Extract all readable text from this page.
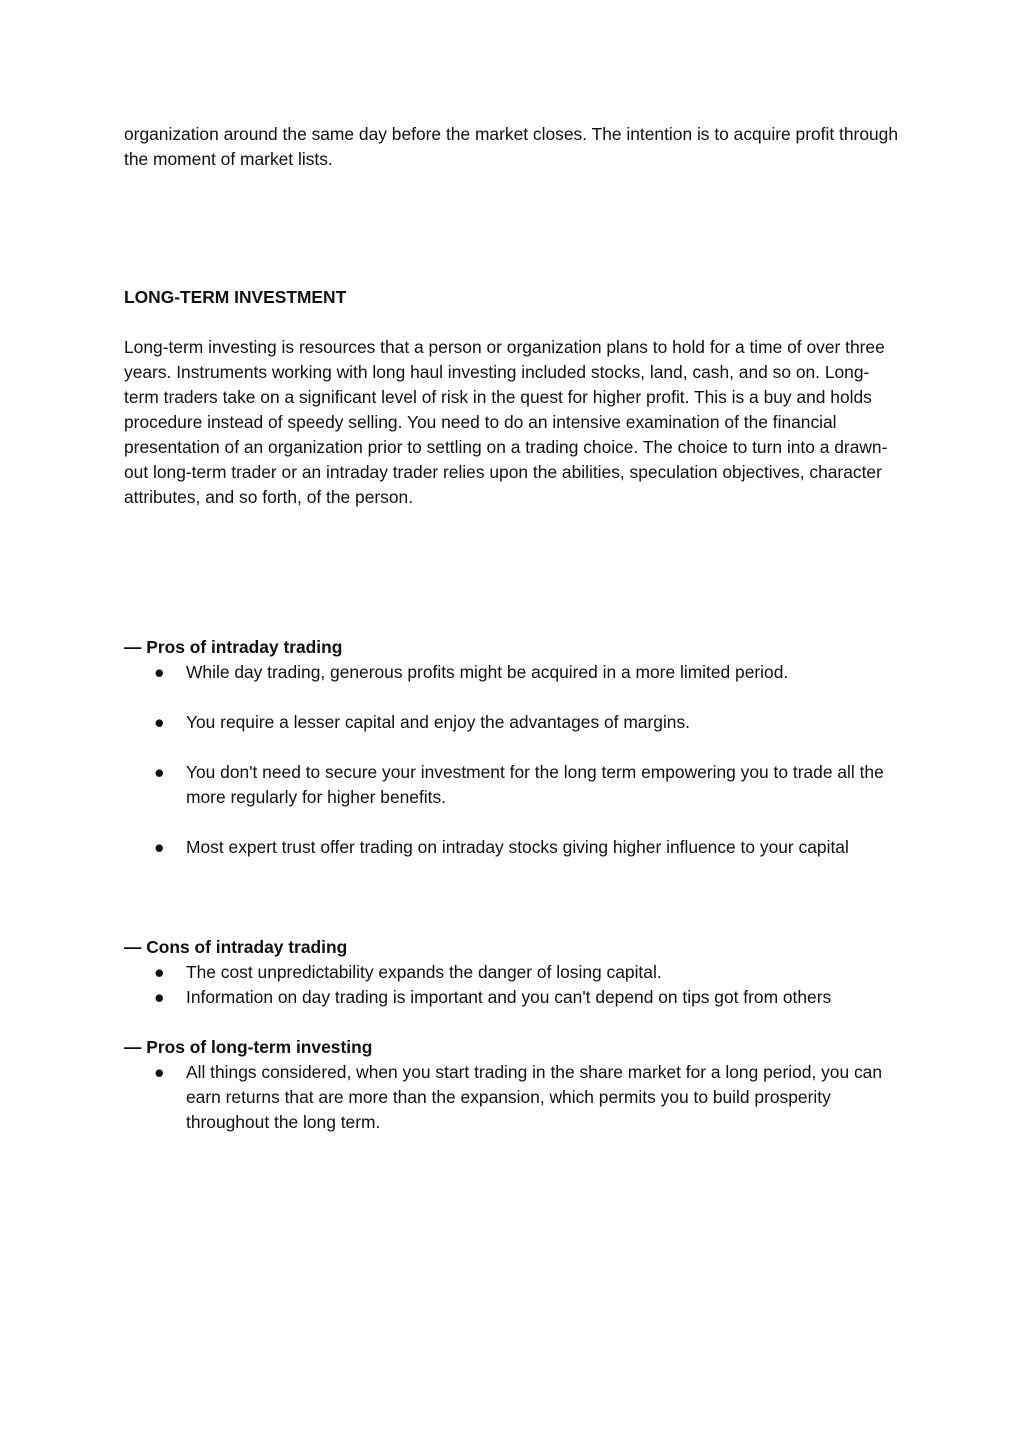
organization around the same day before the market closes. The intention is to acquire profit through the moment of market lists.

LONG-TERM INVESTMENT

Long-term investing is resources that a person or organization plans to hold for a time of over three years. Instruments working with long haul investing included stocks, land, cash, and so on. Long-term traders take on a significant level of risk in the quest for higher profit. This is a buy and holds procedure instead of speedy selling. You need to do an intensive examination of the financial presentation of an organization prior to settling on a trading choice. The choice to turn into a drawn-out long-term trader or an intraday trader relies upon the abilities, speculation objectives, character attributes, and so forth, of the person.

— Pros of intraday trading

● While day trading, generous profits might be acquired in a more limited period.
● You require a lesser capital and enjoy the advantages of margins.
● You don't need to secure your investment for the long term empowering you to trade all the more regularly for higher benefits.
● Most expert trust offer trading on intraday stocks giving higher influence to your capital

— Cons of intraday trading

● The cost unpredictability expands the danger of losing capital.
● Information on day trading is important and you can't depend on tips got from others

— Pros of long-term investing

● All things considered, when you start trading in the share market for a long period, you can earn returns that are more than the expansion, which permits you to build prosperity throughout the long term.
